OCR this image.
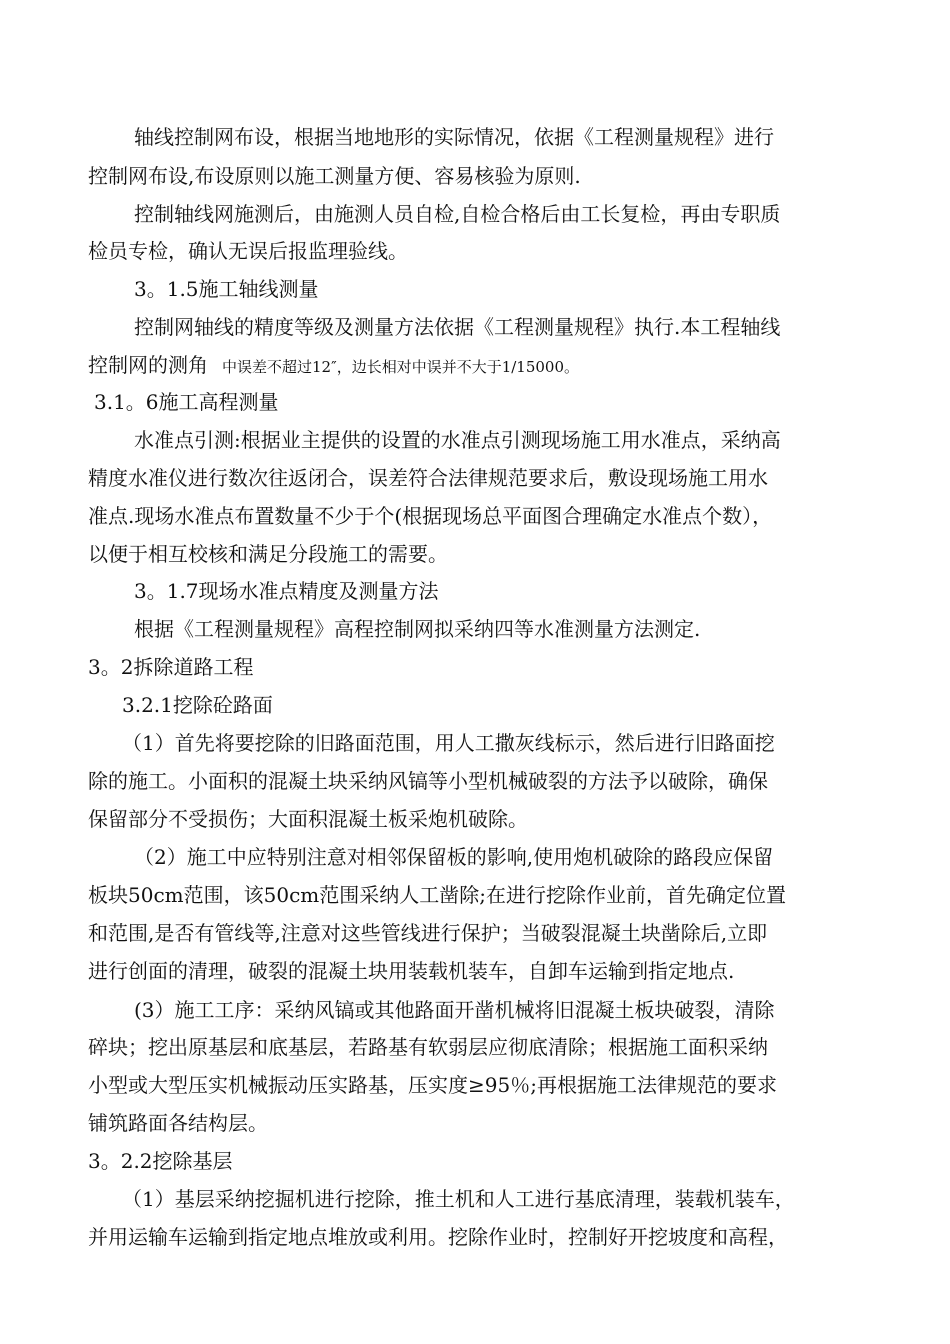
轴线控制网布设，根据当地地形的实际情况，依据《工程测量规程》进行
控制网布设,布设原则以施工测量方便、容易核验为原则.
控制轴线网施测后，由施测人员自检,自检合格后由工长复检，再由专职质
检员专检，确认无误后报监理验线。
3。1.5施工轴线测量
控制网轴线的精度等级及测量方法依据《工程测量规程》执行.本工程轴线
控制网的测角 中误差不超过12″，边长相对中误并不大于1/15000。
3.1。6施工高程测量
水准点引测:根据业主提供的设置的水准点引测现场施工用水准点，采纳高
精度水准仪进行数次往返闭合，误差符合法律规范要求后，敷设现场施工用水
准点.现场水准点布置数量不少于个(根据现场总平面图合理确定水准点个数），
以便于相互校核和满足分段施工的需要。
3。1.7现场水准点精度及测量方法
根据《工程测量规程》高程控制网拟采纳四等水准测量方法测定.
3。2拆除道路工程
3.2.1挖除砼路面
（1）首先将要挖除的旧路面范围，用人工撒灰线标示，然后进行旧路面挖
除的施工。小面积的混凝土块采纳风镐等小型机械破裂的方法予以破除，确保
保留部分不受损伤；大面积混凝土板采炮机破除。
（2）施工中应特别注意对相邻保留板的影响,使用炮机破除的路段应保留
板块50cm范围，该50cm范围采纳人工凿除;在进行挖除作业前，首先确定位置
和范围,是否有管线等,注意对这些管线进行保护；当破裂混凝土块凿除后,立即
进行创面的清理，破裂的混凝土块用装载机装车，自卸车运输到指定地点.
(3）施工工序：采纳风镐或其他路面开凿机械将旧混凝土板块破裂，清除
碎块；挖出原基层和底基层，若路基有软弱层应彻底清除；根据施工面积采纳
小型或大型压实机械振动压实路基，压实度≥95％;再根据施工法律规范的要求
铺筑路面各结构层。
3。2.2挖除基层
（1）基层采纳挖掘机进行挖除，推土机和人工进行基底清理，装载机装车，
并用运输车运输到指定地点堆放或利用。挖除作业时，控制好开挖坡度和高程，
